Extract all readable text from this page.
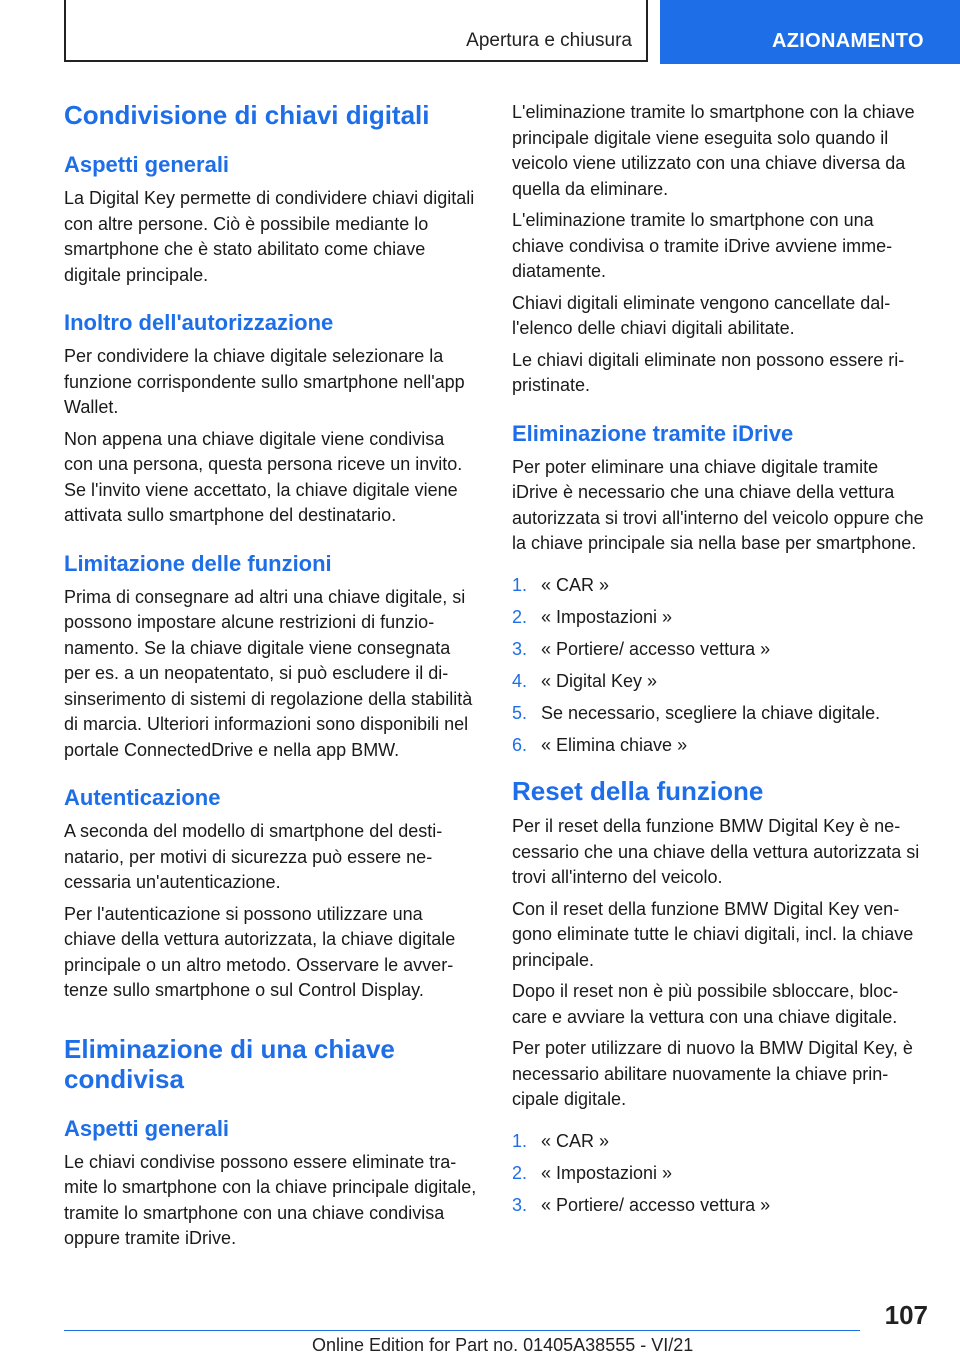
Apertura e chiusura	AZIONAMENTO
Condivisione di chiavi digitali
Aspetti generali

La Digital Key permette di condividere chiavi digitali con altre persone. Ciò è possibile mediante lo smartphone che è stato abilitato come chiave digitale principale.

Inoltro dell'autorizzazione

Per condividere la chiave digitale selezionare la funzione corrispondente sullo smartphone nell'app Wallet.

Non appena una chiave digitale viene condivisa con una persona, questa persona riceve un invito. Se l'invito viene accettato, la chiave digitale viene attivata sullo smartphone del destinatario.

Limitazione delle funzioni

Prima di consegnare ad altri una chiave digitale, si possono impostare alcune restrizioni di funzionamento. Se la chiave digitale viene consegnata per es. a un neopatentato, si può escludere il disinserimento di sistemi di regolazione della stabilità di marcia. Ulteriori informazioni sono disponibili nel portale ConnectedDrive e nella app BMW.

Autenticazione

A seconda del modello di smartphone del destinatario, per motivi di sicurezza può essere necessaria un'autenticazione.

Per l'autenticazione si possono utilizzare una chiave della vettura autorizzata, la chiave digitale principale o un altro metodo. Osservare le avvertenze sullo smartphone o sul Control Display.

Eliminazione di una chiave condivisa
Aspetti generali

Le chiavi condivise possono essere eliminate tramite lo smartphone con la chiave principale digitale, tramite lo smartphone con una chiave condivisa oppure tramite iDrive.

L'eliminazione tramite lo smartphone con la chiave principale digitale viene eseguita solo quando il veicolo viene utilizzato con una chiave diversa da quella da eliminare.

L'eliminazione tramite lo smartphone con una chiave condivisa o tramite iDrive avviene immediatamente.

Chiavi digitali eliminate vengono cancellate dall'elenco delle chiavi digitali abilitate.

Le chiavi digitali eliminate non possono essere ripristinate.

Eliminazione tramite iDrive

Per poter eliminare una chiave digitale tramite iDrive è necessario che una chiave della vettura autorizzata si trovi all'interno del veicolo oppure che la chiave principale sia nella base per smartphone.

1. « CAR »
2. « Impostazioni »
3. « Portiere/ accesso vettura »
4. « Digital Key »
5. Se necessario, scegliere la chiave digitale.
6. « Elimina chiave »
Reset della funzione

Per il reset della funzione BMW Digital Key è necessario che una chiave della vettura autorizzata si trovi all'interno del veicolo.

Con il reset della funzione BMW Digital Key vengono eliminate tutte le chiavi digitali, incl. la chiave principale.

Dopo il reset non è più possibile sbloccare, bloccare e avviare la vettura con una chiave digitale.

Per poter utilizzare di nuovo la BMW Digital Key, è necessario abilitare nuovamente la chiave principale digitale.

1. « CAR »
2. « Impostazioni »
3. « Portiere/ accesso vettura »
107
Online Edition for Part no. 01405A38555 - VI/21
